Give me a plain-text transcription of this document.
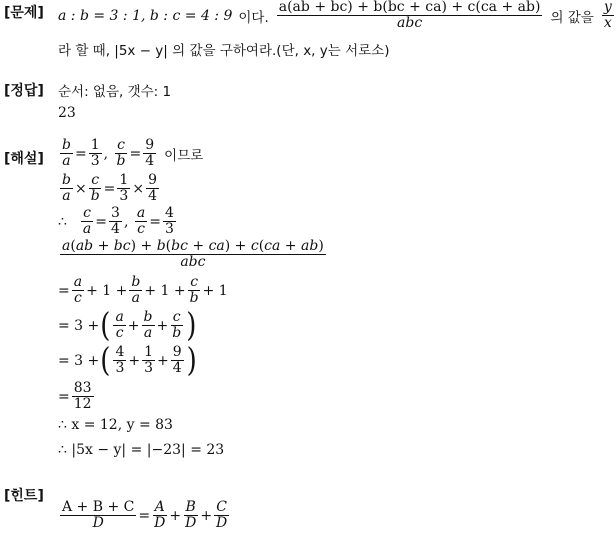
[문제]
[정답]
[해설]
[힌트]
a : b = 3 : 1, b : c = 4 : 9 이다. $\frac{a(ab + bc) + b(bc + ca) + c(ca + ab)}{\text{abc}}$ 의 값을 $\frac{y}{x}$
라 할 때, |5x − y| 의 값을 구하여라.(단, x, y는 서로소)
순서: 없음, 갯수: 1
23
$\frac{b}{a} = \frac{1}{3}$ , $\frac{c}{b} = \frac{9}{4}$ 이므로
$\frac{b}{a} \times \frac{c}{b} = \frac{1}{3} \times \frac{9}{4}$
∴ $\frac{c}{a} = \frac{3}{4}$ , $\frac{a}{c} = \frac{4}{3}$
$\frac{a(ab + bc) + b(bc + ca) + c(ca + ab)}{\text{abc}}$
= $\frac{a}{c} + 1 + \frac{b}{a} + 1 + \frac{c}{b} + 1$
= 3 + ( $\frac{a}{c} + \frac{b}{a} + \frac{c}{b}$ )
= 3 + ( $\frac{4}{3} + \frac{1}{3} + \frac{9}{4}$ )
= $\frac{83}{12}$
∴ x = 12, y = 83
∴ |5x − y| = |−23| = 23
$\frac{A + B + C}{D} = \frac{A}{D} + \frac{B}{D} + \frac{C}{D}$
